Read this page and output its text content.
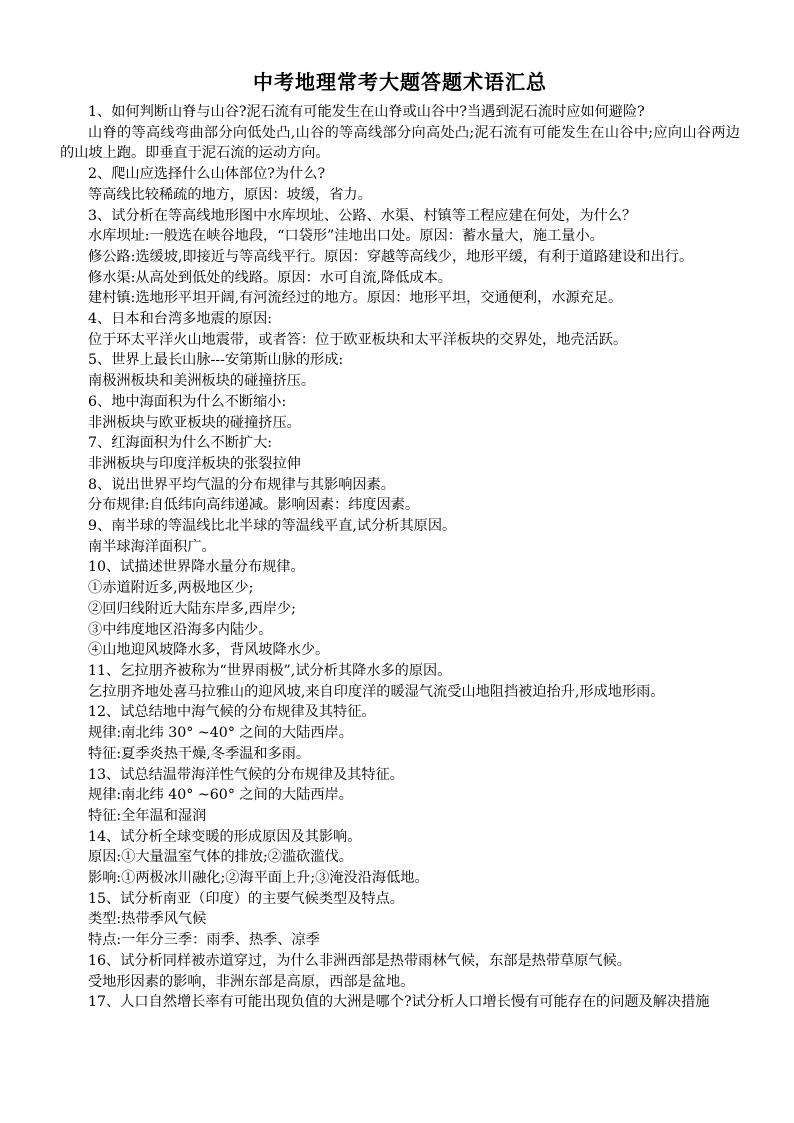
中考地理常考大题答题术语汇总

1、如何判断山脊与山谷?泥石流有可能发生在山脊或山谷中?当遇到泥石流时应如何避险?

山脊的等高线弯曲部分向低处凸,山谷的等高线部分向高处凸;泥石流有可能发生在山谷中;应向山谷两边的山坡上跑。即垂直于泥石流的运动方向。

2、爬山应选择什么山体部位?为什么?

等高线比较稀疏的地方，原因：坡缓，省力。

3、试分析在等高线地形图中水库坝址、公路、水渠、村镇等工程应建在何处，为什么？

水库坝址:一般选在峡谷地段，“口袋形”洼地出口处。原因：蓄水量大，施工量小。

修公路:选缓坡,即接近与等高线平行。原因：穿越等高线少，地形平缓，有利于道路建设和出行。

修水渠:从高处到低处的线路。原因：水可自流,降低成本。

建村镇:选地形平坦开阔,有河流经过的地方。原因：地形平坦，交通便利，水源充足。

4、日本和台湾多地震的原因:

位于环太平洋火山地震带，或者答：位于欧亚板块和太平洋板块的交界处，地壳活跃。

5、世界上最长山脉---安第斯山脉的形成:

南极洲板块和美洲板块的碰撞挤压。

6、地中海面积为什么不断缩小:

非洲板块与欧亚板块的碰撞挤压。

7、红海面积为什么不断扩大:

非洲板块与印度洋板块的张裂拉伸

8、说出世界平均气温的分布规律与其影响因素。

分布规律:自低纬向高纬递减。影响因素：纬度因素。

9、南半球的等温线比北半球的等温线平直,试分析其原因。

南半球海洋面积广。

10、试描述世界降水量分布规律。

①赤道附近多,两极地区少;

②回归线附近大陆东岸多,西岸少;

③中纬度地区沿海多内陆少。

④山地迎风坡降水多，背风坡降水少。

11、乞拉朋齐被称为“世界雨极”,试分析其降水多的原因。

乞拉朋齐地处喜马拉雅山的迎风坡,来自印度洋的暖湿气流受山地阻挡被迫抬升,形成地形雨。

12、试总结地中海气候的分布规律及其特征。

规律:南北纬 30° ~40° 之间的大陆西岸。

特征:夏季炎热干燥,冬季温和多雨。

13、试总结温带海洋性气候的分布规律及其特征。

规律:南北纬 40° ~60° 之间的大陆西岸。

特征:全年温和湿润

14、试分析全球变暖的形成原因及其影响。

原因:①大量温室气体的排放;②滥砍滥伐。

影响:①两极冰川融化;②海平面上升;③淹没沿海低地。

15、试分析南亚（印度）的主要气候类型及特点。

类型:热带季风气候

特点:一年分三季：雨季、热季、凉季

16、试分析同样被赤道穿过，为什么非洲西部是热带雨林气候，东部是热带草原气候。

受地形因素的影响，非洲东部是高原，西部是盆地。

17、人口自然增长率有可能出现负值的大洲是哪个?试分析人口增长慢有可能存在的问题及解决措施
